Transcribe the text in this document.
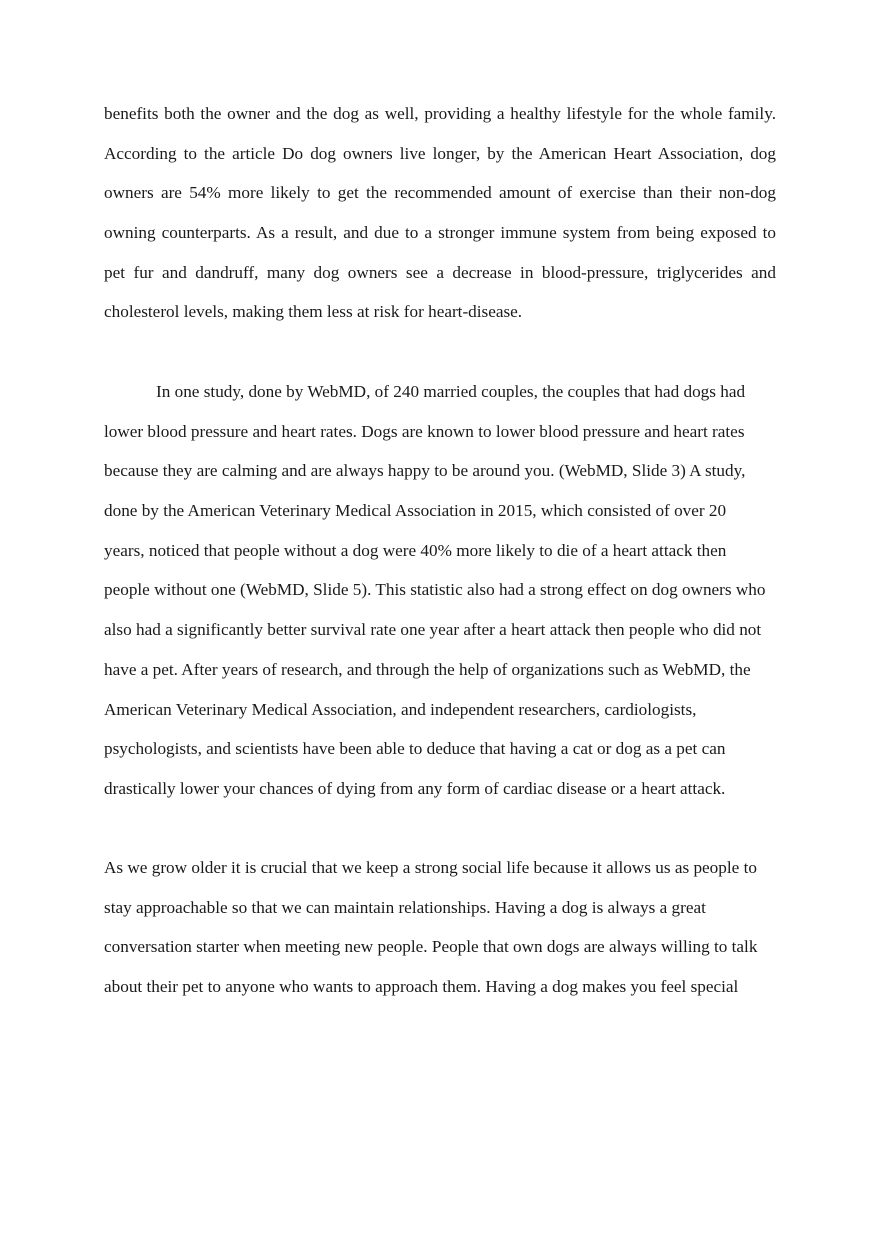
benefits both the owner and the dog as well, providing a healthy lifestyle for the whole family.
According to the article Do dog owners live longer, by the American Heart Association, dog
owners are 54% more likely to get the recommended amount of exercise than their non-dog
owning counterparts. As a result, and due to a stronger immune system from being exposed to
pet fur and dandruff, many dog owners see a decrease in blood-pressure, triglycerides and
cholesterol levels, making them less at risk for heart-disease.
In one study, done by WebMD, of 240 married couples, the couples that had dogs had
lower blood pressure and heart rates. Dogs are known to lower blood pressure and heart rates
because they are calming and are always happy to be around you. (WebMD, Slide 3) A study,
done by the American Veterinary Medical Association in 2015, which consisted of over 20
years, noticed that people without a dog were 40% more likely to die of a heart attack then
people without one (WebMD, Slide 5). This statistic also had a strong effect on dog owners who
also had a significantly better survival rate one year after a heart attack then people who did not
have a pet. After years of research, and through the help of organizations such as WebMD, the
American Veterinary Medical Association, and independent researchers, cardiologists,
psychologists, and scientists have been able to deduce that having a cat or dog as a pet can
drastically lower your chances of dying from any form of cardiac disease or a heart attack.
As we grow older it is crucial that we keep a strong social life because it allows us as people to
stay approachable so that we can maintain relationships. Having a dog is always a great
conversation starter when meeting new people. People that own dogs are always willing to talk
about their pet to anyone who wants to approach them. Having a dog makes you feel special
